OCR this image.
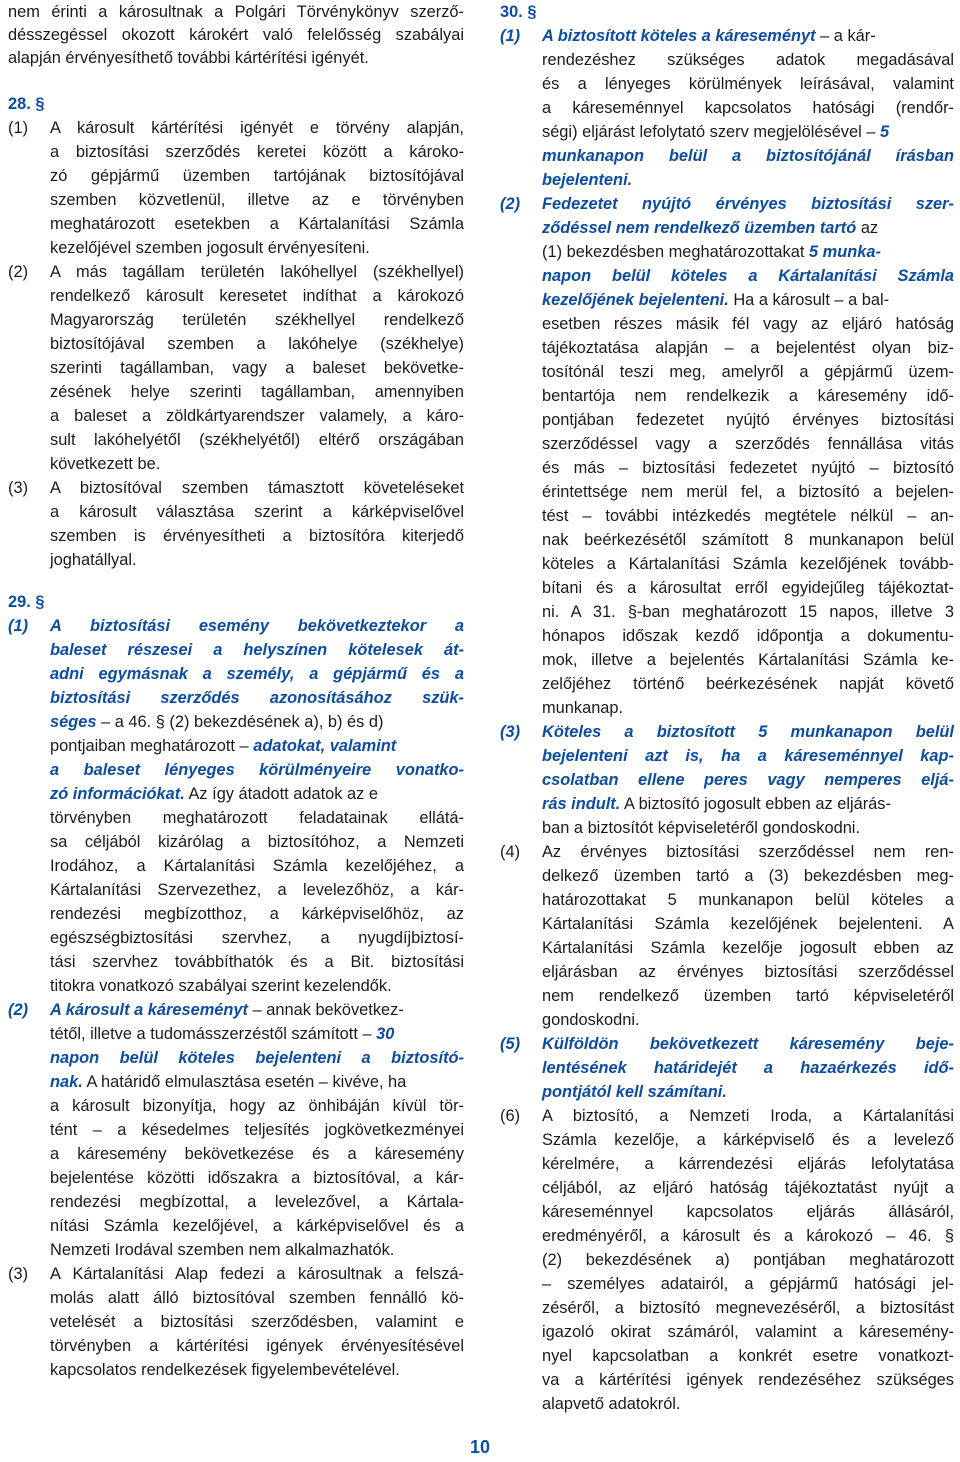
nem érinti a károsultnak a Polgári Törvénykönyv szerző-
désszegéssel okozott károkért való felelősség szabályai
alapján érvényesíthető további kártérítési igényét.
28. §
(1) A károsult kártérítési igényét e törvény alapján,
a biztosítási szerződés keretei között a károko-
zó gépjármű üzemben tartójának biztosítójával
szemben közvetlenül, illetve az e törvényben
meghatározott esetekben a Kártalanítási Számla
kezelőjével szemben jogosult érvényesíteni.
(2) A más tagállam területén lakóhellyel (székhellyel)
rendelkező károsult keresetet indíthat a károkozó
Magyarország területén székhellyel rendelkező
biztosítójával szemben a lakóhelye (székhelye)
szerinti tagállamban, vagy a baleset bekövetke-
zésének helye szerinti tagállamban, amennyiben
a baleset a zöldkártyarendszer valamely, a káro-
sult lakóhelyétől (székhelyétől) eltérő országában
következett be.
(3) A biztosítóval szemben támasztott követeléseket
a károsult választása szerint a kárképviselővel
szemben is érvényesítheti a biztosítóra kiterjedő
joghatállyal.
29. §
(1) A biztosítási esemény bekövetkeztekor a
baleset részesei a helyszínen kötelesek át-
adni egymásnak a személy, a gépjármű és a
biztosítási szerződés azonosításához szük-
séges – a 46. § (2) bekezdésének a), b) és d)
pontjaiban meghatározott – adatokat, valamint
a baleset lényeges körülményeire vonatko-
zó információkat. Az így átadott adatok az e
törvényben meghatározott feladatainak ellátá-
sa céljából kizárólag a biztosítóhoz, a Nemzeti
Irodához, a Kártalanítási Számla kezelőjéhez, a
Kártalanítási Szervezethez, a levelezőhöz, a kár-
rendezési megbízotthoz, a kárképviselőhöz, az
egészségbiztosítási szervhez, a nyugdíjbiztosí-
tási szervhez továbbíthatók és a Bit. biztosítási
titokra vonatkozó szabályai szerint kezelendők.
(2) A károsult a káreseményt – annak bekövetkez-
tétől, illetve a tudomásszerzéstől számított – 30
napon belül köteles bejelenteni a biztosító-
nak. A határidő elmulasztása esetén – kivéve, ha
a károsult bizonyítja, hogy az önhibáján kívül tör-
tént – a késedelmes teljesítés jogkövetkezményei
a káresemény bekövetkezése és a káresemény
bejelentése közötti időszakra a biztosítóval, a kár-
rendezési megbízottal, a levelezővel, a Kártala-
nítási Számla kezelőjével, a kárképviselővel és a
Nemzeti Irodával szemben nem alkalmazhatók.
(3) A Kártalanítási Alap fedezi a károsultnak a felszá-
molás alatt álló biztosítóval szemben fennálló kö-
vetelését a biztosítási szerződésben, valamint e
törvényben a kártérítési igények érvényesítésével
kapcsolatos rendelkezések figyelembevételével.
30. §
(1) A biztosított köteles a káreseményt – a kár-
rendezéshez szükséges adatok megadásával
és a lényeges körülmények leírásával, valamint
a káreseménnyel kapcsolatos hatósági (rendőr-
ségi) eljárást lefolytató szerv megjelölésével – 5
munkanapon belül a biztosítójánál írásban
bejelenteni.
(2) Fedezetet nyújtó érvényes biztosítási szer-
ződéssel nem rendelkező üzemben tartó az
(1) bekezdésben meghatározottakat 5 munka-
napon belül köteles a Kártalanítási Számla
kezelőjének bejelenteni. Ha a károsult – a bal-
esetben részes másik fél vagy az eljáró hatóság
tájékoztatása alapján – a bejelentést olyan biz-
tosítónál teszi meg, amelyről a gépjármű üzem-
bentartója nem rendelkezik a káresemény idő-
pontjában fedezetet nyújtó érvényes biztosítási
szerződéssel vagy a szerződés fennállása vitás
és más – biztosítási fedezetet nyújtó – biztosító
érintettsége nem merül fel, a biztosító a bejelen-
tést – további intézkedés megtétele nélkül – an-
nak beérkezésétől számított 8 munkanapon belül
köteles a Kártalanítási Számla kezelőjének tovább-
bítani és a károsultat erről egyidejűleg tájékoztat-
ni. A 31. §-ban meghatározott 15 napos, illetve 3
hónapos időszak kezdő időpontja a dokumentu-
mok, illetve a bejelentés Kártalanítási Számla ke-
zelőjéhez történő beérkezésének napját követő
munkanap.
(3) Köteles a biztosított 5 munkanapon belül
bejelenteni azt is, ha a káreseménnyel kap-
csolatban ellene peres vagy nemperes eljá-
rás indult. A biztosító jogosult ebben az eljárás-
ban a biztosítót képviseletéről gondoskodni.
(4) Az érvényes biztosítási szerződéssel nem ren-
delkező üzemben tartó a (3) bekezdésben meg-
határozottakat 5 munkanapon belül köteles a
Kártalanítási Számla kezelőjének bejelenteni. A
Kártalanítási Számla kezelője jogosult ebben az
eljárásban az érvényes biztosítási szerződéssel
nem rendelkező üzemben tartó képviseletéről
gondoskodni.
(5) Külföldön bekövetkezett káresemény beje-
lentésének határidejét a hazaérkezés idő-
pontjától kell számítani.
(6) A biztosító, a Nemzeti Iroda, a Kártalanítási
Számla kezelője, a kárképviselő és a levelező
kérelmére, a kárrendezési eljárás lefolytatása
céljából, az eljáró hatóság tájékoztatást nyújt a
káreseménnyel kapcsolatos eljárás állásáról,
eredményéről, a károsult és a károkozó – 46. §
(2) bekezdésének a) pontjában meghatározott
– személyes adatairól, a gépjármű hatósági jel-
zéséről, a biztosító megnevezéséről, a biztosítást
igazoló okirat számáról, valamint a káresemény-
nyel kapcsolatban a konkrét esetre vonatkozt-
va a kártérítési igények rendezéséhez szükséges
alapvető adatokról.
10
